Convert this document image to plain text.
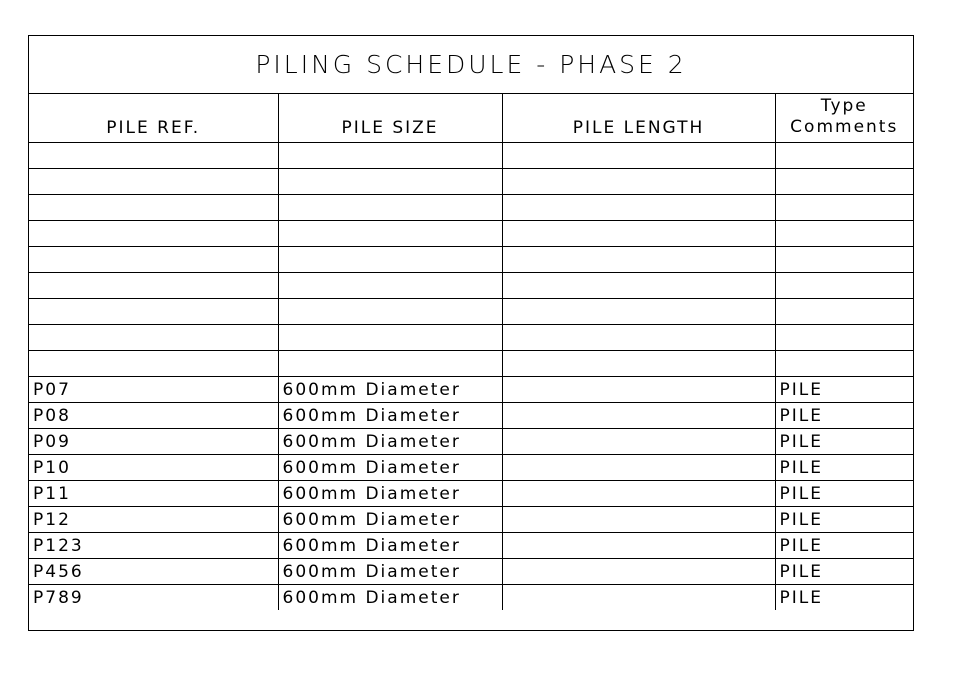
PILING SCHEDULE - PHASE 2
PILE REF.	PILE SIZE	PILE LENGTH	Type
Comments

P07	600mm Diameter		PILE
P08	600mm Diameter		PILE
P09	600mm Diameter		PILE
P10	600mm Diameter		PILE
P11	600mm Diameter		PILE
P12	600mm Diameter		PILE
P123	600mm Diameter		PILE
P456	600mm Diameter		PILE
P789	600mm Diameter		PILE
